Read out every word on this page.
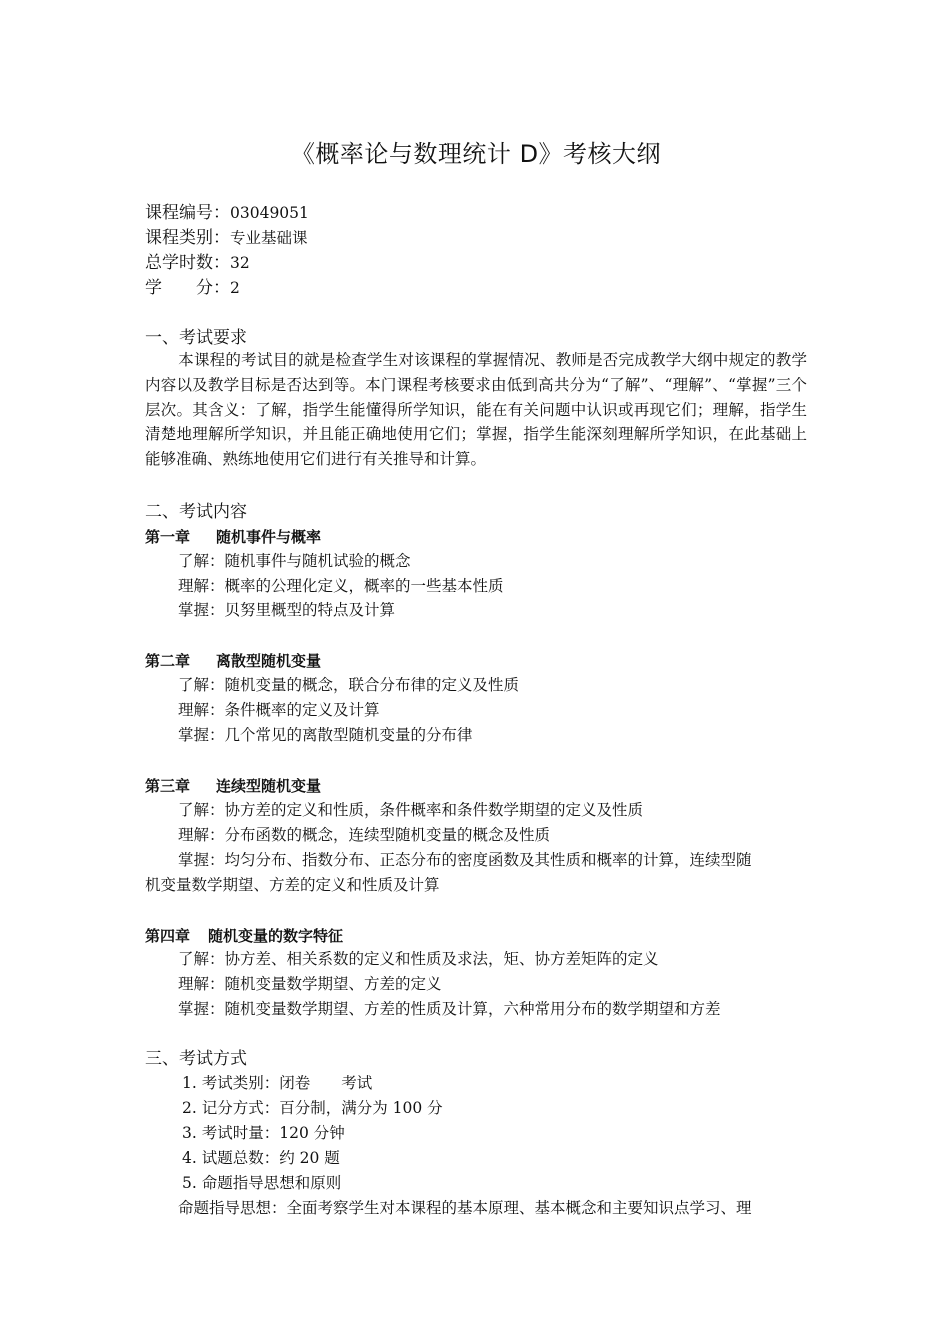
《概率论与数理统计 D》考核大纲
课程编号：03049051
课程类别：专业基础课
总学时数：32
学　　分：2
一、考试要求
本课程的考试目的就是检查学生对该课程的掌握情况、教师是否完成教学大纲中规定的教学内容以及教学目标是否达到等。本门课程考核要求由低到高共分为“了解”、“理解”、“掌握”三个层次。其含义：了解，指学生能懂得所学知识，能在有关问题中认识或再现它们；理解，指学生清楚地理解所学知识，并且能正确地使用它们；掌握，指学生能深刻理解所学知识，在此基础上能够准确、熟练地使用它们进行有关推导和计算。
二、考试内容
第一章 随机事件与概率
了解：随机事件与随机试验的概念
理解：概率的公理化定义，概率的一些基本性质
掌握：贝努里概型的特点及计算
第二章 离散型随机变量
了解：随机变量的概念，联合分布律的定义及性质
理解：条件概率的定义及计算
掌握：几个常见的离散型随机变量的分布律
第三章 连续型随机变量
了解：协方差的定义和性质，条件概率和条件数学期望的定义及性质
理解：分布函数的概念，连续型随机变量的概念及性质
掌握：均匀分布、指数分布、正态分布的密度函数及其性质和概率的计算，连续型随
机变量数学期望、方差的定义和性质及计算
第四章 随机变量的数字特征
了解：协方差、相关系数的定义和性质及求法，矩、协方差矩阵的定义
理解：随机变量数学期望、方差的定义
掌握：随机变量数学期望、方差的性质及计算，六种常用分布的数学期望和方差
三、考试方式
1. 考试类别：闭卷　　考试
2. 记分方式：百分制，满分为 100 分
3. 考试时量：120 分钟
4. 试题总数：约 20 题
5. 命题指导思想和原则
命题指导思想：全面考察学生对本课程的基本原理、基本概念和主要知识点学习、理
